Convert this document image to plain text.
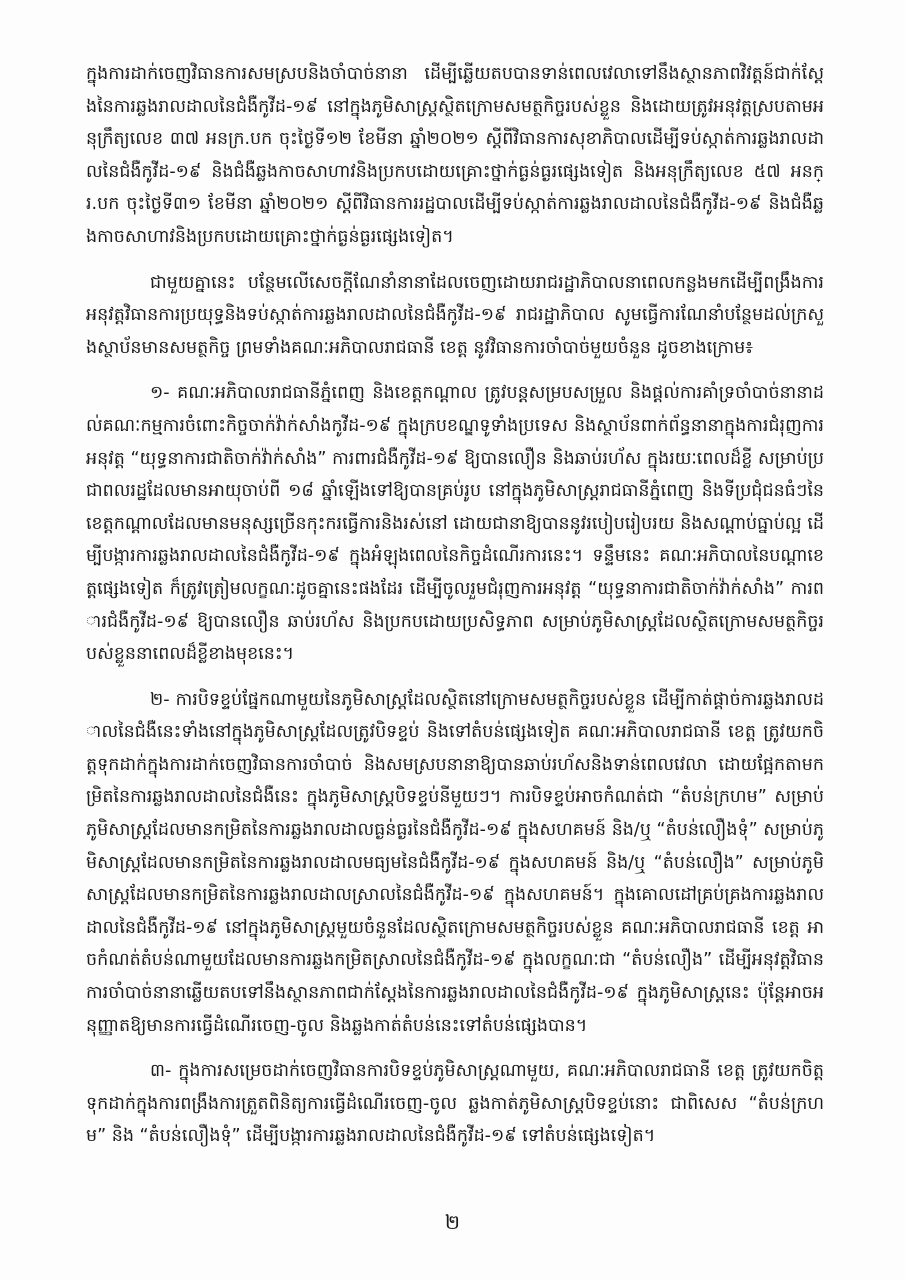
ក្នុងការដាក់ចេញវិធានការសមស្របនិងចាំបាច់នានា ដើម្បីឆ្លើយតបបានទាន់ពេលវេលាទៅនឹងស្ថានភាពវិវត្តន៍ជាក់ស្តែងនៃការឆ្លងរាលដាលនៃជំងឺកូវីដ-១៩ នៅក្នុងភូមិសាស្ត្រស្ថិតក្រោមសមត្ថកិច្ចរបស់ខ្លួន និងដោយត្រូវអនុវត្តស្របតាមអនុក្រឹត្យលេខ ៣៧ អនក្រ.បក ចុះថ្ងៃទី១២ ខែមីនា ឆ្នាំ២០២១ ស្តីពីវិធានការសុខាភិបាលដើម្បីទប់ស្កាត់ការឆ្លងរាលដាលនៃជំងឺកូវីដ-១៩ និងជំងឺឆ្លងកាចសាហាវនិងប្រកបដោយគ្រោះថ្នាក់ធ្ងន់ធ្ងរផ្សេងទៀត និងអនុក្រឹត្យលេខ ៥៧ អនក្រ.បក ចុះថ្ងៃទី៣១ ខែមីនា ឆ្នាំ២០២១ ស្តីពីវិធានការរដ្ឋបាលដើម្បីទប់ស្កាត់ការឆ្លងរាលដាលនៃជំងឺកូវីដ-១៩ និងជំងឺឆ្លងកាចសាហាវនិងប្រកបដោយគ្រោះថ្នាក់ធ្ងន់ធ្ងរផ្សេងទៀត។

ជាមួយគ្នានេះ បន្ថែមលើសេចក្តីណែនាំនានាដែលចេញដោយរាជរដ្ឋាភិបាលនាពេលកន្លងមកដើម្បីពង្រឹងការអនុវត្តវិធានការប្រយុទ្ធនិងទប់ស្កាត់ការឆ្លងរាលដាលនៃជំងឺកូវីដ-១៩ រាជរដ្ឋាភិបាល សូមធ្វើការណែនាំបន្ថែមដល់ក្រសួងស្ថាប័នមានសមត្ថកិច្ច ព្រមទាំងគណៈអភិបាលរាជធានី ខេត្ត នូវវិធានការចាំបាច់មួយចំនួន ដូចខាងក្រោម៖

១- គណៈអភិបាលរាជធានីភ្នំពេញ និងខេត្តកណ្តាល ត្រូវបន្តសម្របសម្រួល និងផ្តល់ការគាំទ្រចាំបាច់នានាដល់គណៈកម្មការចំពោះកិច្ចចាក់វ៉ាក់សាំងកូវីដ-១៩ ក្នុងក្របខណ្ឌទូទាំងប្រទេស និងស្ថាប័នពាក់ព័ន្ធនានាក្នុងការជំរុញការអនុវត្ត “យុទ្ធនាការជាតិចាក់វ៉ាក់សាំង” ការពារជំងឺកូវីដ-១៩ ឱ្យបានលឿន និងឆាប់រហ័ស ក្នុងរយៈពេលដ៏ខ្លី សម្រាប់ប្រជាពលរដ្ឋដែលមានអាយុចាប់ពី ១៨ ឆ្នាំឡើងទៅឱ្យបានគ្រប់រូប នៅក្នុងភូមិសាស្ត្ររាជធានីភ្នំពេញ និងទីប្រជុំជនធំៗនៃខេត្តកណ្តាលដែលមានមនុស្សច្រើនកុះករធ្វើការនិងរស់នៅ ដោយជានាឱ្យបាននូវរបៀបរៀបរយ និងសណ្តាប់ធ្នាប់ល្អ ដើម្បីបង្ការការឆ្លងរាលដាលនៃជំងឺកូវីដ-១៩ ក្នុងអំឡុងពេលនៃកិច្ចដំណើរការនេះ។ ទន្ទឹមនេះ គណៈអភិបាលនៃបណ្តាខេត្តផ្សេងទៀត ក៏ត្រូវត្រៀមលក្ខណៈដូចគ្នានេះផងដែរ ដើម្បីចូលរួមជំរុញការអនុវត្ត “យុទ្ធនាការជាតិចាក់វ៉ាក់សាំង” ការពារជំងឺកូវីដ-១៩ ឱ្យបានលឿន ឆាប់រហ័ស និងប្រកបដោយប្រសិទ្ធភាព សម្រាប់ភូមិសាស្ត្រដែលស្ថិតក្រោមសមត្ថកិច្ចរបស់ខ្លួននាពេលដ៏ខ្លីខាងមុខនេះ។

២- ការបិទខ្ទប់ផ្នែកណាមួយនៃភូមិសាស្ត្រដែលស្ថិតនៅក្រោមសមត្ថកិច្ចរបស់ខ្លួន ដើម្បីកាត់ផ្តាច់ការឆ្លងរាលដាលនៃជំងឺនេះទាំងនៅក្នុងភូមិសាស្ត្រដែលត្រូវបិទខ្ទប់ និងទៅតំបន់ផ្សេងទៀត គណៈអភិបាលរាជធានី ខេត្ត ត្រូវយកចិត្តទុកដាក់ក្នុងការដាក់ចេញវិធានការចាំបាច់ និងសមស្របនានាឱ្យបានឆាប់រហ័សនិងទាន់ពេលវេលា ដោយផ្អែកតាមកម្រិតនៃការឆ្លងរាលដាលនៃជំងឺនេះ ក្នុងភូមិសាស្ត្របិទខ្ទប់នីមួយៗ។ ការបិទខ្ទប់អាចកំណត់ជា “តំបន់ក្រហម” សម្រាប់ភូមិសាស្ត្រដែលមានកម្រិតនៃការឆ្លងរាលដាលធ្ងន់ធ្ងរនៃជំងឺកូវីដ-១៩ ក្នុងសហគមន៍ និង/ឬ “តំបន់លឿងទុំ” សម្រាប់ភូមិសាស្ត្រដែលមានកម្រិតនៃការឆ្លងរាលដាលមធ្យមនៃជំងឺកូវីដ-១៩ ក្នុងសហគមន៍ និង/ឬ “តំបន់លឿង” សម្រាប់ភូមិសាស្ត្រដែលមានកម្រិតនៃការឆ្លងរាលដាលស្រាលនៃជំងឺកូវីដ-១៩ ក្នុងសហគមន៍។ ក្នុងគោលដៅគ្រប់គ្រងការឆ្លងរាលដាលនៃជំងឺកូវីដ-១៩ នៅក្នុងភូមិសាស្ត្រមួយចំនួនដែលស្ថិតក្រោមសមត្ថកិច្ចរបស់ខ្លួន គណៈអភិបាលរាជធានី ខេត្ត អាចកំណត់តំបន់ណាមួយដែលមានការឆ្លងកម្រិតស្រាលនៃជំងឺកូវីដ-១៩ ក្នុងលក្ខណៈជា “តំបន់លឿង” ដើម្បីអនុវត្តវិធានការចាំបាច់នានាឆ្លើយតបទៅនឹងស្ថានភាពជាក់ស្តែងនៃការឆ្លងរាលដាលនៃជំងឺកូវីដ-១៩ ក្នុងភូមិសាស្ត្រនេះ ប៉ុន្តែអាចអនុញ្ញាតឱ្យមានការធ្វើដំណើរចេញ-ចូល និងឆ្លងកាត់តំបន់នេះទៅតំបន់ផ្សេងបាន។

៣- ក្នុងការសម្រេចដាក់ចេញវិធានការបិទខ្ទប់ភូមិសាស្ត្រណាមួយ, គណៈអភិបាលរាជធានី ខេត្ត ត្រូវយកចិត្តទុកដាក់ក្នុងការពង្រឹងការត្រួតពិនិត្យការធ្វើដំណើរចេញ-ចូល ឆ្លងកាត់ភូមិសាស្ត្របិទខ្ទប់នោះ ជាពិសេស “តំបន់ក្រហម” និង “តំបន់លឿងទុំ” ដើម្បីបង្ការការឆ្លងរាលដាលនៃជំងឺកូវីដ-១៩ ទៅតំបន់ផ្សេងទៀត។

២
